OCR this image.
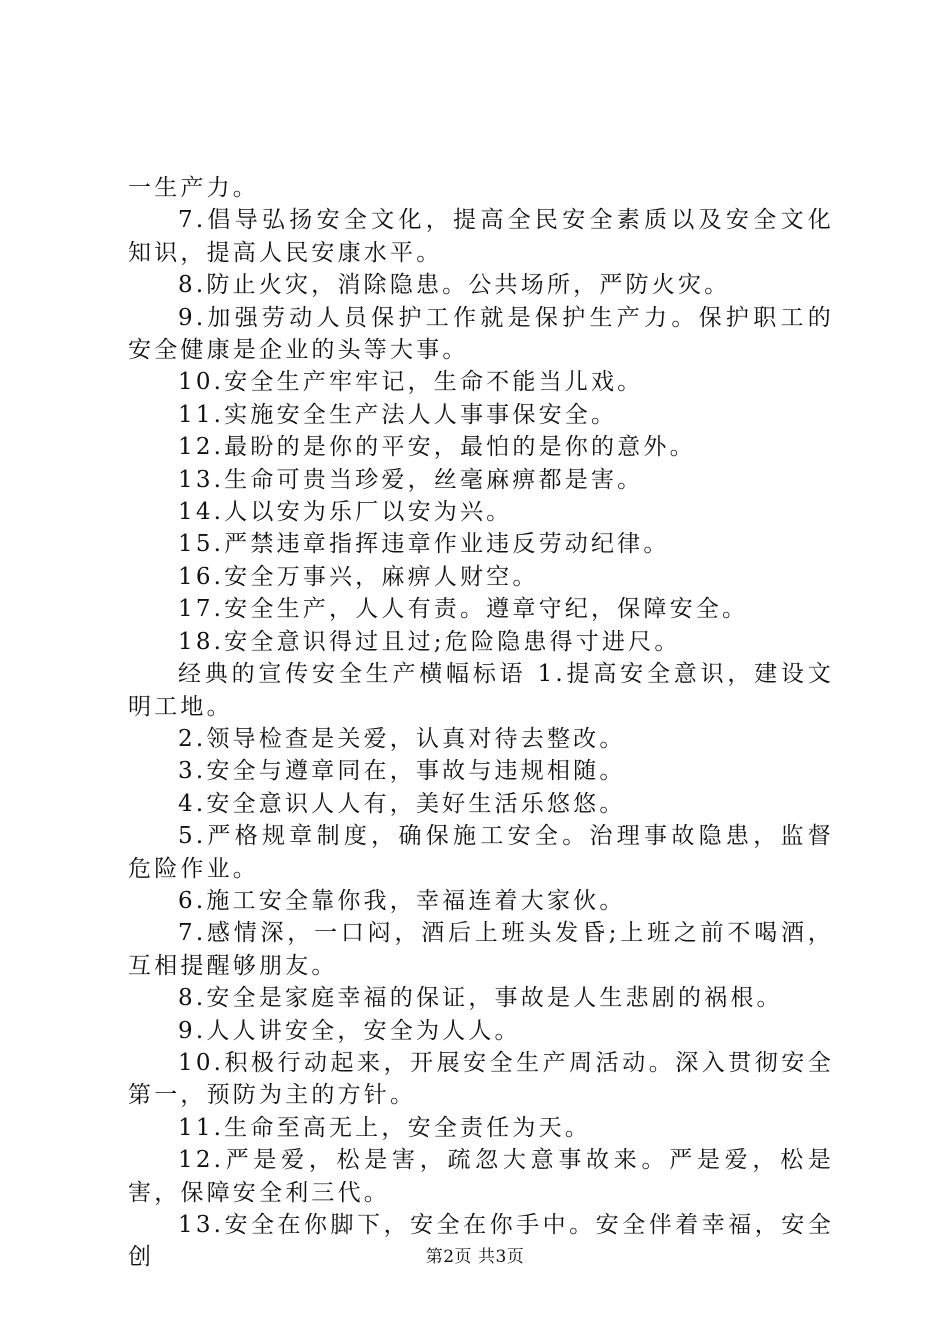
一生产力。

7.倡导弘扬安全文化，提高全民安全素质以及安全文化知识，提高人民安康水平。

8.防止火灾，消除隐患。公共场所，严防火灾。

9.加强劳动人员保护工作就是保护生产力。保护职工的安全健康是企业的头等大事。

10.安全生产牢牢记，生命不能当儿戏。

11.实施安全生产法人人事事保安全。

12.最盼的是你的平安，最怕的是你的意外。

13.生命可贵当珍爱，丝毫麻痹都是害。

14.人以安为乐厂以安为兴。

15.严禁违章指挥违章作业违反劳动纪律。

16.安全万事兴，麻痹人财空。

17.安全生产，人人有责。遵章守纪，保障安全。

18.安全意识得过且过;危险隐患得寸进尺。

经典的宣传安全生产横幅标语 1.提高安全意识，建设文明工地。

2.领导检查是关爱，认真对待去整改。

3.安全与遵章同在，事故与违规相随。

4.安全意识人人有，美好生活乐悠悠。

5.严格规章制度，确保施工安全。治理事故隐患，监督危险作业。

6.施工安全靠你我，幸福连着大家伙。

7.感情深，一口闷，酒后上班头发昏;上班之前不喝酒，互相提醒够朋友。

8.安全是家庭幸福的保证，事故是人生悲剧的祸根。

9.人人讲安全，安全为人人。

10.积极行动起来，开展安全生产周活动。深入贯彻安全第一，预防为主的方针。

11.生命至高无上，安全责任为天。

12.严是爱，松是害，疏忽大意事故来。严是爱，松是害，保障安全利三代。

13.安全在你脚下，安全在你手中。安全伴着幸福，安全创	第2页 共3页
